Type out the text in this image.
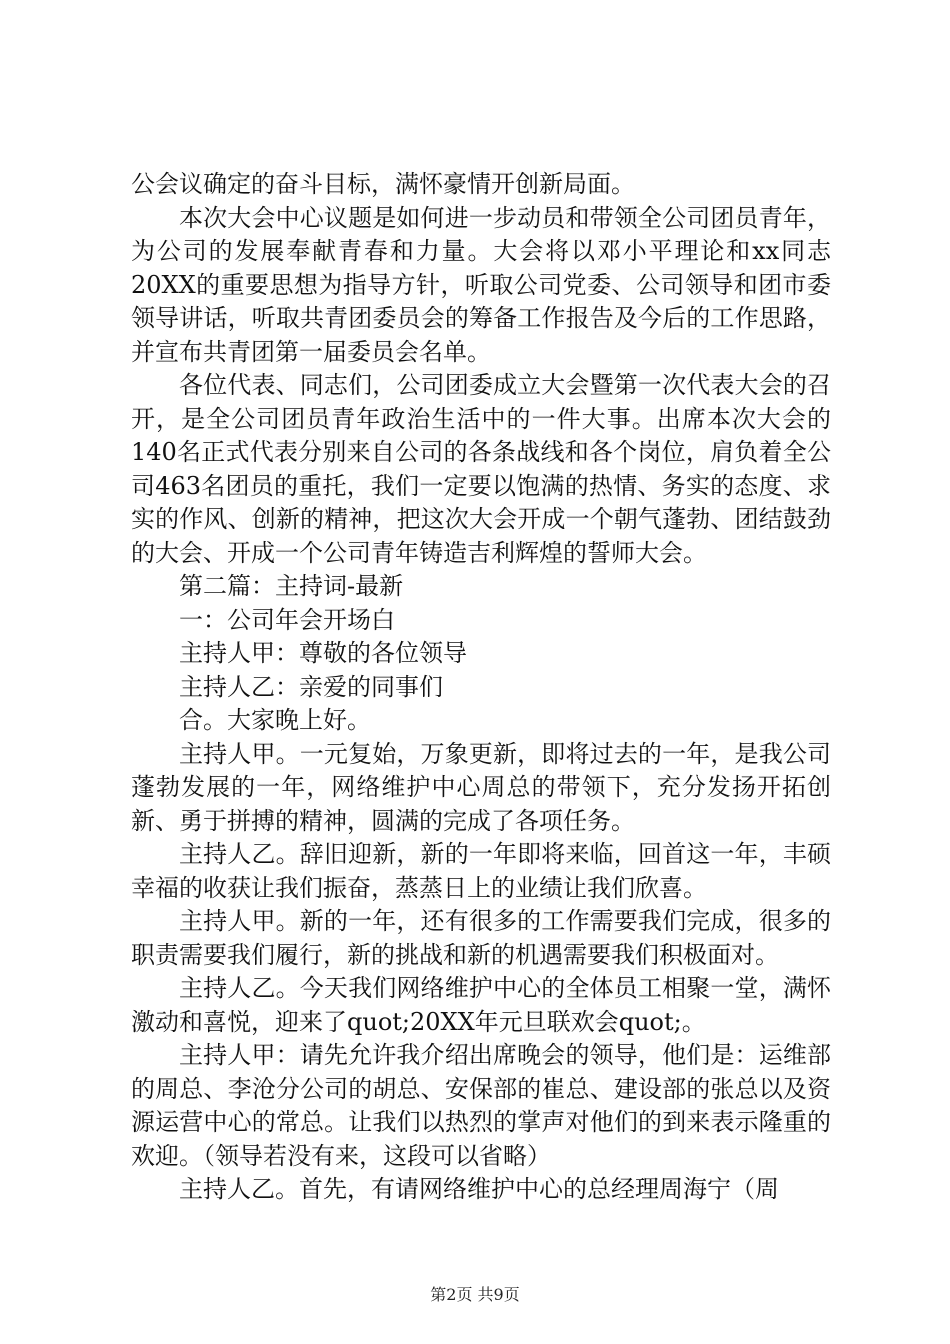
公会议确定的奋斗目标，满怀豪情开创新局面。

本次大会中心议题是如何进一步动员和带领全公司团员青年，为公司的发展奉献青春和力量。大会将以邓小平理论和xx同志20XX的重要思想为指导方针，听取公司党委、公司领导和团市委领导讲话，听取共青团委员会的筹备工作报告及今后的工作思路，并宣布共青团第一届委员会名单。

各位代表、同志们，公司团委成立大会暨第一次代表大会的召开，是全公司团员青年政治生活中的一件大事。出席本次大会的140名正式代表分别来自公司的各条战线和各个岗位，肩负着全公司463名团员的重托，我们一定要以饱满的热情、务实的态度、求实的作风、创新的精神，把这次大会开成一个朝气蓬勃、团结鼓劲的大会、开成一个公司青年铸造吉利辉煌的誓师大会。

第二篇：主持词-最新

一：公司年会开场白

主持人甲：尊敬的各位领导

主持人乙：亲爱的同事们

合。大家晚上好。

主持人甲。一元复始，万象更新，即将过去的一年，是我公司蓬勃发展的一年，网络维护中心周总的带领下，充分发扬开拓创新、勇于拼搏的精神，圆满的完成了各项任务。

主持人乙。辞旧迎新，新的一年即将来临，回首这一年，丰硕幸福的收获让我们振奋，蒸蒸日上的业绩让我们欣喜。

主持人甲。新的一年，还有很多的工作需要我们完成，很多的职责需要我们履行，新的挑战和新的机遇需要我们积极面对。

主持人乙。今天我们网络维护中心的全体员工相聚一堂，满怀激动和喜悦，迎来了quot;20XX年元旦联欢会quot;。

主持人甲：请先允许我介绍出席晚会的领导，他们是：运维部的周总、李沧分公司的胡总、安保部的崔总、建设部的张总以及资源运营中心的常总。让我们以热烈的掌声对他们的到来表示隆重的欢迎。（领导若没有来，这段可以省略）

主持人乙。首先，有请网络维护中心的总经理周海宁（周

第2页 共9页
